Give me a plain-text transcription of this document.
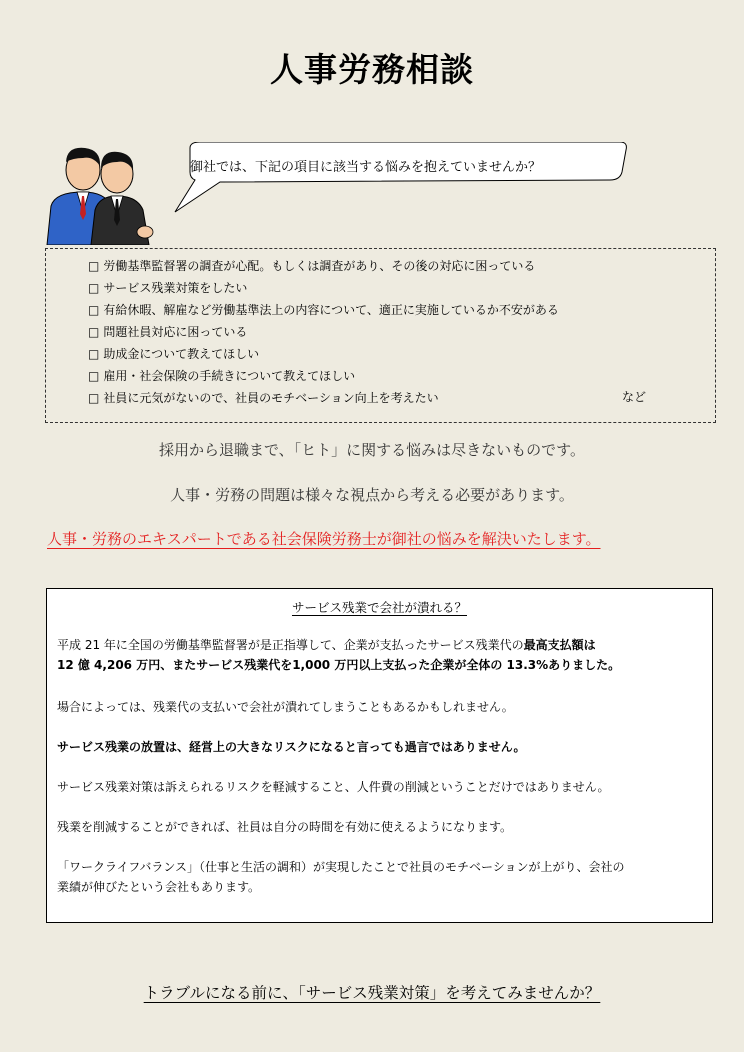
人事労務相談
御社では、下記の項目に該当する悩みを抱えていませんか？
□ 労働基準監督署の調査が心配。もしくは調査があり、その後の対応に困っている
□ サービス残業対策をしたい
□ 有給休暇、解雇など労働基準法上の内容について、適正に実施しているか不安がある
□ 問題社員対応に困っている
□ 助成金について教えてほしい
□ 雇用・社会保険の手続きについて教えてほしい
□ 社員に元気がないので、社員のモチベーション向上を考えたい	など
採用から退職まで、「ヒト」に関する悩みは尽きないものです。
人事・労務の問題は様々な視点から考える必要があります。
人事・労務のエキスパートである社会保険労務士が御社の悩みを解決いたします。
サービス残業で会社が潰れる？
平成 21 年に全国の労働基準監督署が是正指導して、企業が支払ったサービス残業代の最高支払額は
12 億 4,206 万円、またサービス残業代を1,000 万円以上支払った企業が全体の 13.3%ありました。
場合によっては、残業代の支払いで会社が潰れてしまうこともあるかもしれません。
サービス残業の放置は、経営上の大きなリスクになると言っても過言ではありません。
サービス残業対策は訴えられるリスクを軽減すること、人件費の削減ということだけではありません。
残業を削減することができれば、社員は自分の時間を有効に使えるようになります。
「ワークライフバランス」（仕事と生活の調和）が実現したことで社員のモチベーションが上がり、会社の
業績が伸びたという会社もあります。
トラブルになる前に、「サービス残業対策」を考えてみませんか？
